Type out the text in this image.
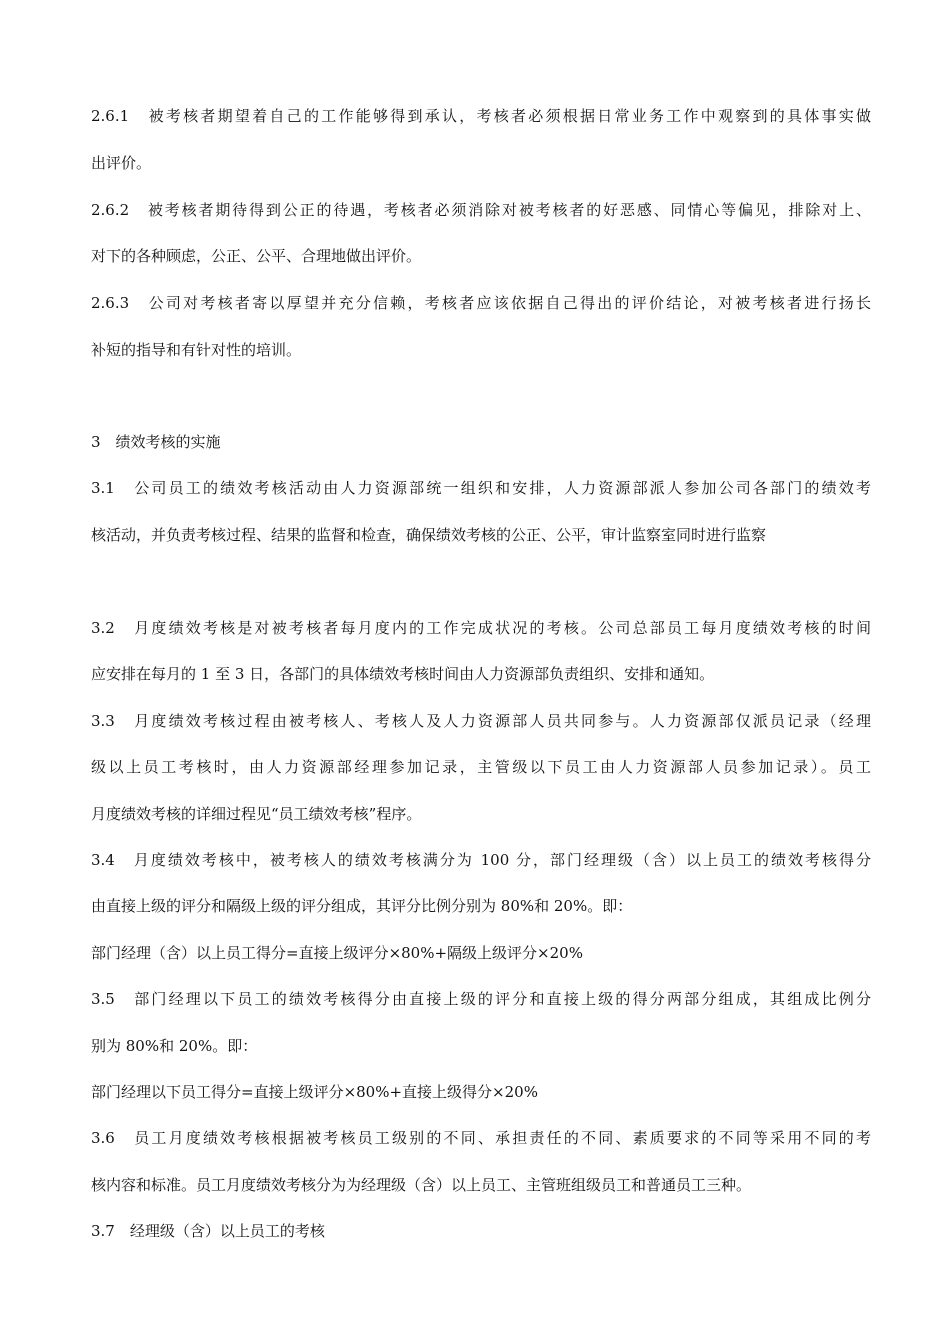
2.6.1　被考核者期望着自己的工作能够得到承认，考核者必须根据日常业务工作中观察到的具体事实做
出评价。
2.6.2　被考核者期待得到公正的待遇，考核者必须消除对被考核者的好恶感、同情心等偏见，排除对上、
对下的各种顾虑，公正、公平、合理地做出评价。
2.6.3　公司对考核者寄以厚望并充分信赖，考核者应该依据自己得出的评价结论，对被考核者进行扬长
补短的指导和有针对性的培训。
3　绩效考核的实施
3.1　公司员工的绩效考核活动由人力资源部统一组织和安排，人力资源部派人参加公司各部门的绩效考
核活动，并负责考核过程、结果的监督和检查，确保绩效考核的公正、公平，审计监察室同时进行监察
3.2　月度绩效考核是对被考核者每月度内的工作完成状况的考核。公司总部员工每月度绩效考核的时间
应安排在每月的 1 至 3 日，各部门的具体绩效考核时间由人力资源部负责组织、安排和通知。
3.3　月度绩效考核过程由被考核人、考核人及人力资源部人员共同参与。人力资源部仅派员记录（经理
级以上员工考核时，由人力资源部经理参加记录，主管级以下员工由人力资源部人员参加记录）。员工
月度绩效考核的详细过程见“员工绩效考核”程序。
3.4　月度绩效考核中，被考核人的绩效考核满分为 100 分，部门经理级（含）以上员工的绩效考核得分
由直接上级的评分和隔级上级的评分组成，其评分比例分别为 80%和 20%。即：
部门经理（含）以上员工得分=直接上级评分×80%+隔级上级评分×20%
3.5　部门经理以下员工的绩效考核得分由直接上级的评分和直接上级的得分两部分组成，其组成比例分
别为 80%和 20%。即：
部门经理以下员工得分=直接上级评分×80%+直接上级得分×20%
3.6　员工月度绩效考核根据被考核员工级别的不同、承担责任的不同、素质要求的不同等采用不同的考
核内容和标准。员工月度绩效考核分为为经理级（含）以上员工、主管班组级员工和普通员工三种。
3.7　经理级（含）以上员工的考核
